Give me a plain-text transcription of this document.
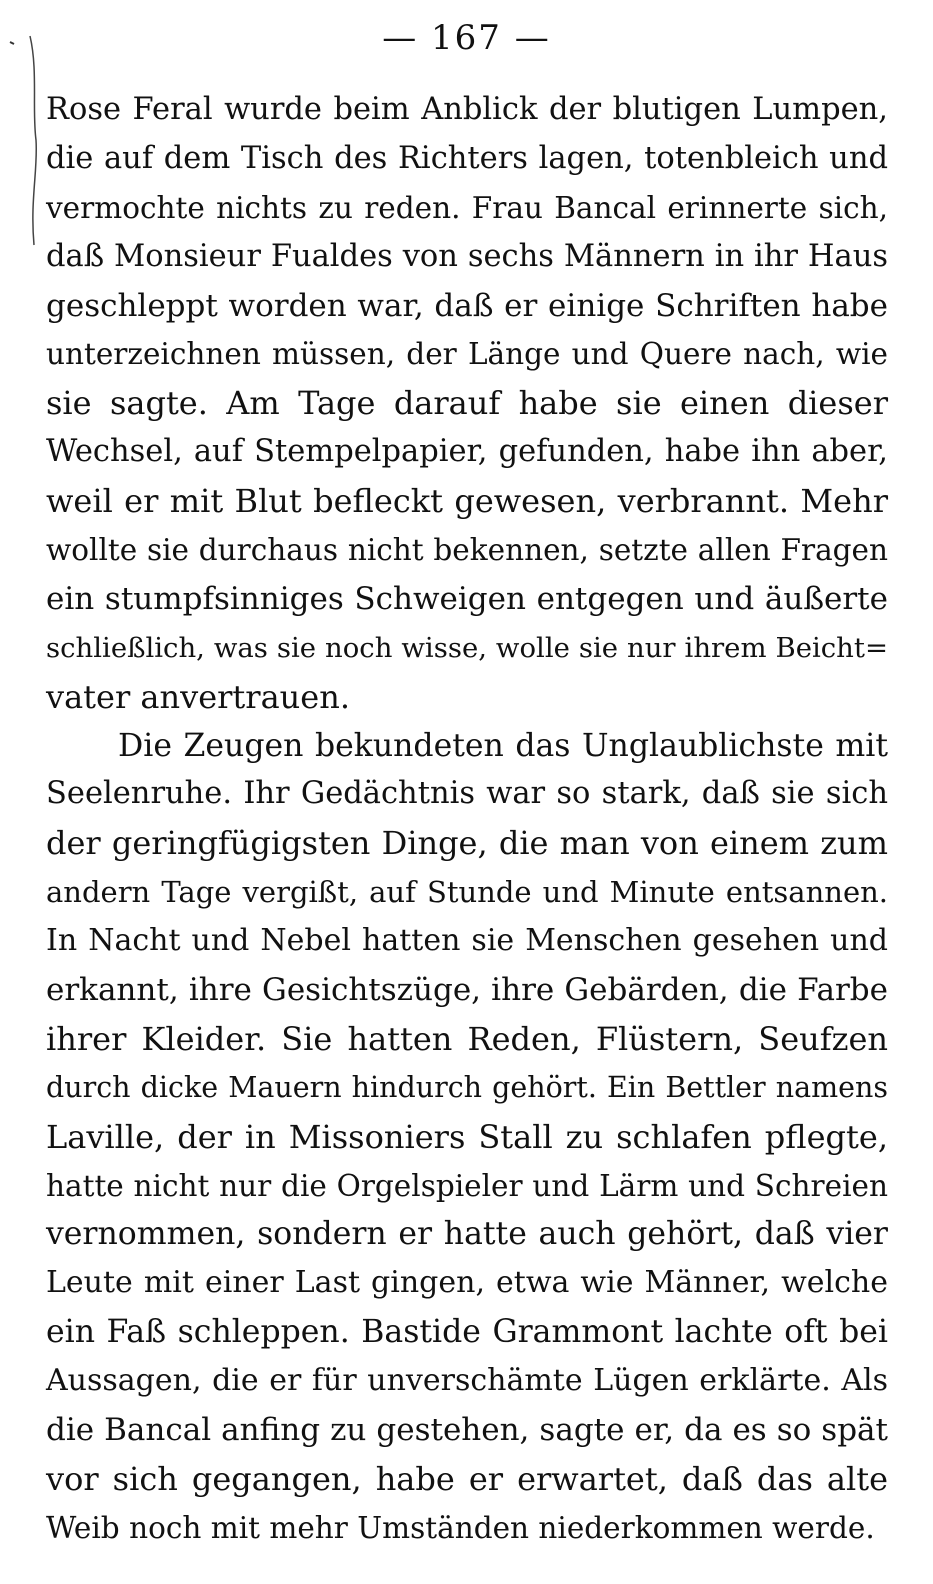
— 167 —
Rose Feral wurde beim Anblick der blutigen Lumpen,
die auf dem Tisch des Richters lagen, totenbleich und
vermochte nichts zu reden. Frau Bancal erinnerte sich,
daß Monsieur Fualdes von sechs Männern in ihr Haus
geschleppt worden war, daß er einige Schriften habe
unterzeichnen müssen, der Länge und Quere nach, wie
sie sagte. Am Tage darauf habe sie einen dieser
Wechsel, auf Stempelpapier, gefunden, habe ihn aber,
weil er mit Blut befleckt gewesen, verbrannt. Mehr
wollte sie durchaus nicht bekennen, setzte allen Fragen
ein stumpfsinniges Schweigen entgegen und äußerte
schließlich, was sie noch wisse, wolle sie nur ihrem Beicht=
vater anvertrauen.
Die Zeugen bekundeten das Unglaublichste mit
Seelenruhe. Ihr Gedächtnis war so stark, daß sie sich
der geringfügigsten Dinge, die man von einem zum
andern Tage vergißt, auf Stunde und Minute entsannen.
In Nacht und Nebel hatten sie Menschen gesehen und
erkannt, ihre Gesichtszüge, ihre Gebärden, die Farbe
ihrer Kleider. Sie hatten Reden, Flüstern, Seufzen
durch dicke Mauern hindurch gehört. Ein Bettler namens
Laville, der in Missoniers Stall zu schlafen pflegte,
hatte nicht nur die Orgelspieler und Lärm und Schreien
vernommen, sondern er hatte auch gehört, daß vier
Leute mit einer Last gingen, etwa wie Männer, welche
ein Faß schleppen. Bastide Grammont lachte oft bei
Aussagen, die er für unverschämte Lügen erklärte. Als
die Bancal anfing zu gestehen, sagte er, da es so spät
vor sich gegangen, habe er erwartet, daß das alte
Weib noch mit mehr Umständen niederkommen werde.
